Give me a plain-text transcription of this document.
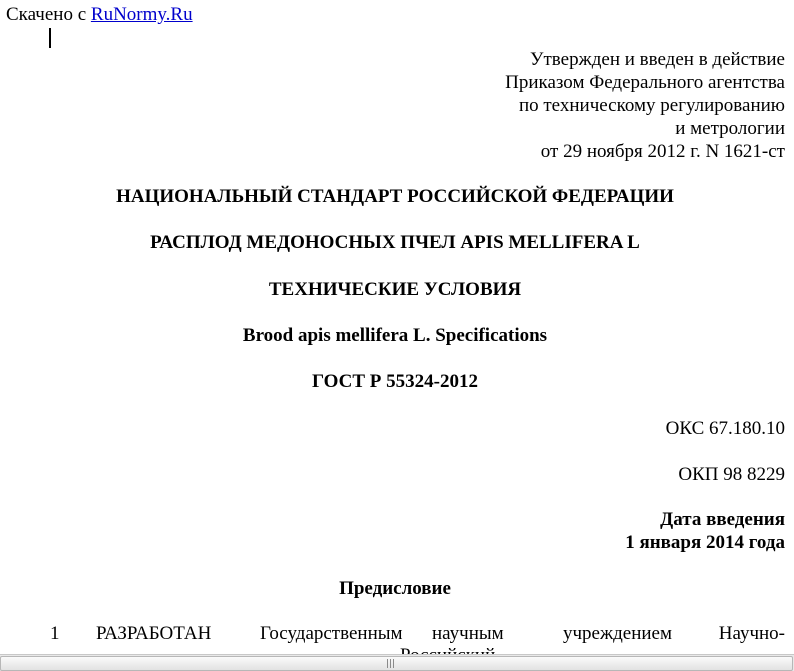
Скачено с RuNormy.Ru
Утвержден и введен в действие
Приказом Федерального агентства
по техническому регулированию
и метрологии
от 29 ноября 2012 г. N 1621-ст
НАЦИОНАЛЬНЫЙ СТАНДАРТ РОССИЙСКОЙ ФЕДЕРАЦИИ
РАСПЛОД МЕДОНОСНЫХ ПЧЕЛ APIS MELLIFERA L
ТЕХНИЧЕСКИЕ УСЛОВИЯ
Brood apis mellifera L. Specifications
ГОСТ Р 55324-2012
ОКС 67.180.10
ОКП 98 8229
Дата введения
1 января 2014 года
Предисловие
1 РАЗРАБОТАН	Государственным научным	учреждением Научно-
